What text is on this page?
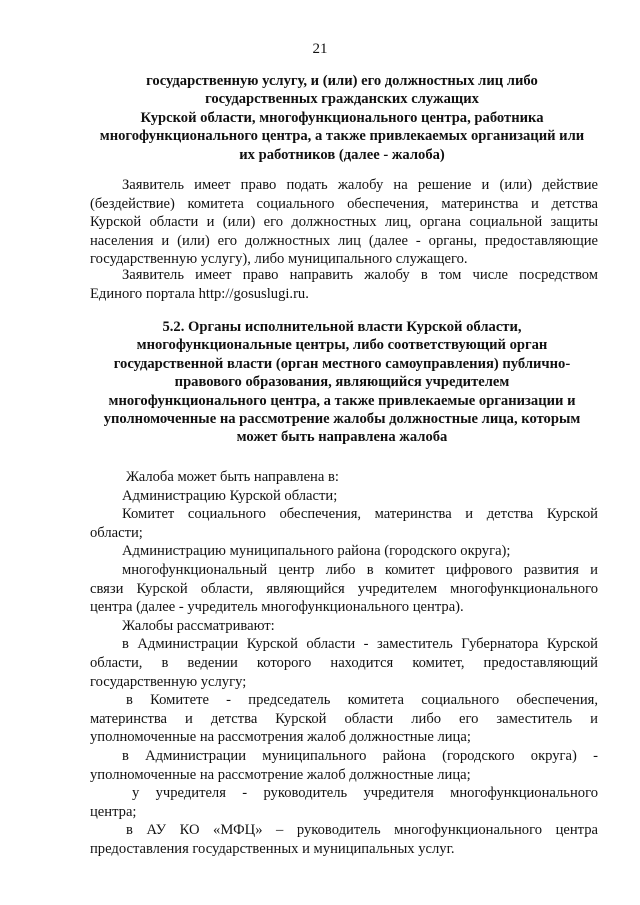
21
государственную услугу, и (или) его должностных лиц либо
государственных гражданских служащих
Курской области, многофункционального центра, работника
многофункционального центра, а также привлекаемых организаций или
их работников (далее - жалоба)
Заявитель имеет право подать жалобу на решение и (или) действие
(бездействие) комитета социального обеспечения, материнства и детства
Курской области и (или) его должностных лиц, органа социальной защиты
населения и (или) его должностных лиц (далее - органы, предоставляющие
государственную услугу), либо муниципального служащего.
Заявитель имеет право направить жалобу в том числе посредством
Единого портала http://gosuslugi.ru.
5.2. Органы исполнительной власти Курской области,
многофункциональные центры, либо соответствующий орган
государственной власти (орган местного самоуправления) публично-
правового образования, являющийся учредителем
многофункционального центра, а также привлекаемые организации и
уполномоченные на рассмотрение жалобы должностные лица, которым
может быть направлена жалоба
Жалоба может быть направлена в:
Администрацию Курской области;
Комитет социального обеспечения, материнства и детства Курской
области;
Администрацию муниципального района (городского округа);
многофункциональный центр либо в комитет цифрового развития и
связи Курской области, являющийся учредителем многофункционального
центра (далее - учредитель многофункционального центра).
Жалобы рассматривают:
в Администрации Курской области - заместитель Губернатора Курской
области, в ведении которого находится комитет, предоставляющий
государственную услугу;
в Комитете - председатель комитета социального обеспечения,
материнства и детства Курской области либо его заместитель и
уполномоченные на рассмотрения жалоб должностные лица;
в Администрации муниципального района (городского округа) -
уполномоченные на рассмотрение жалоб должностные лица;
у учредителя - руководитель учредителя многофункционального
центра;
в АУ КО «МФЦ» – руководитель многофункционального центра
предоставления государственных и муниципальных услуг.
